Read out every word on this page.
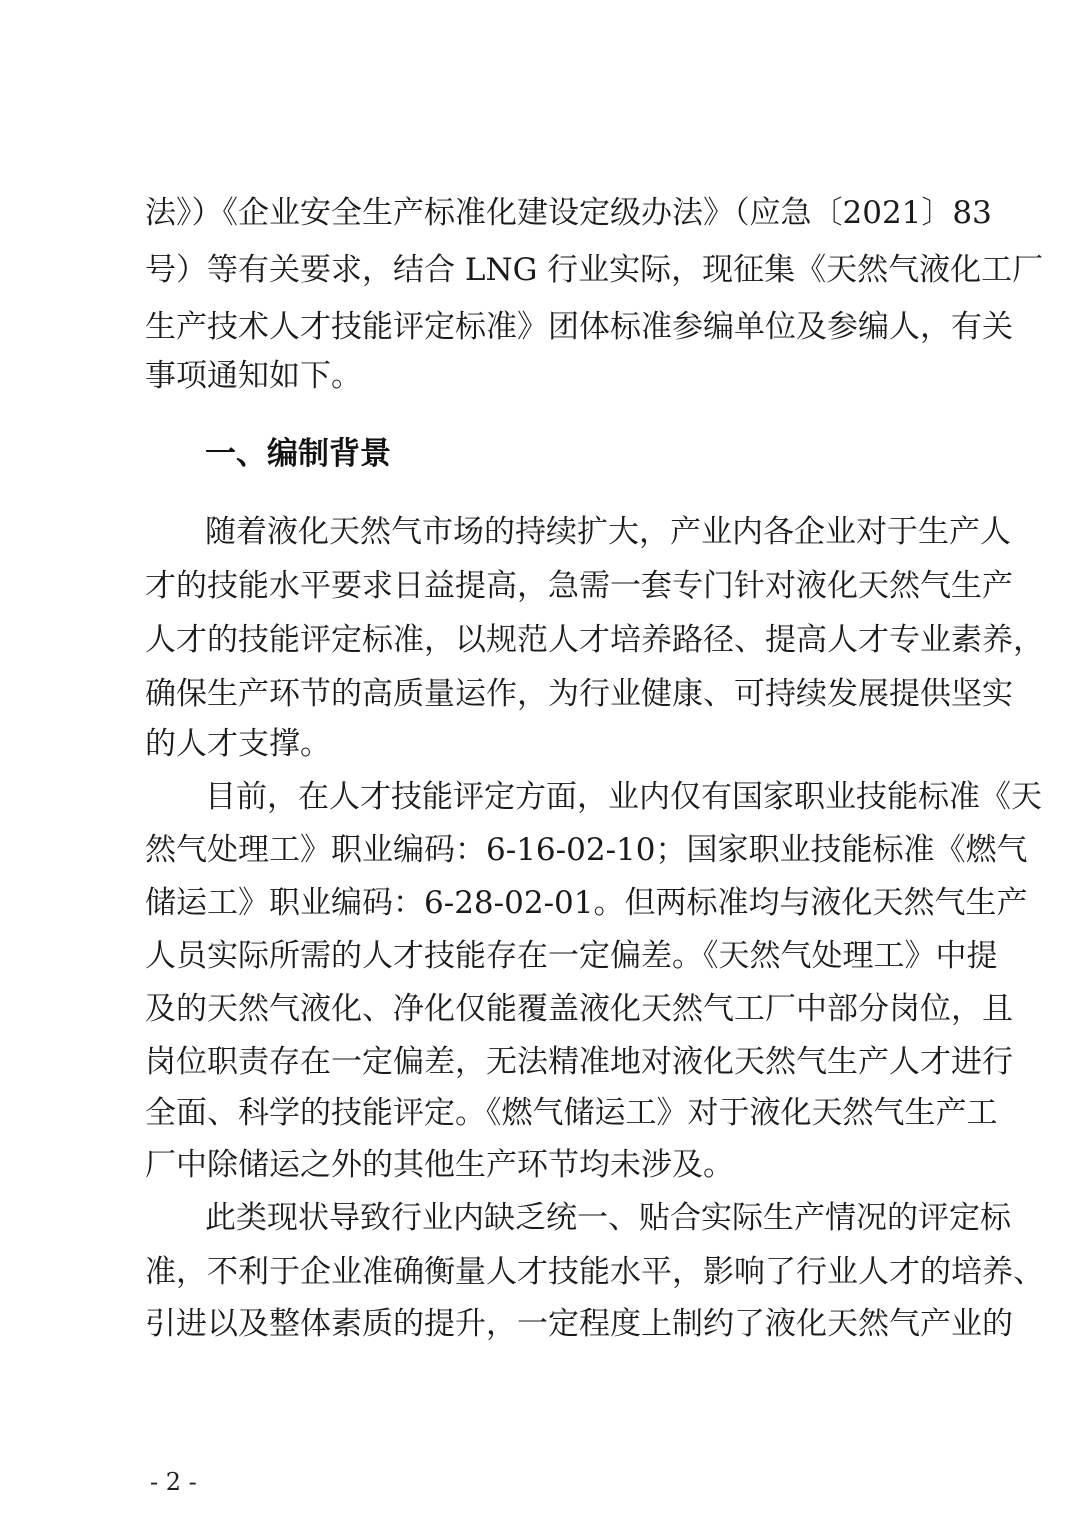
法》）《企业安全生产标准化建设定级办法》（应急〔2021〕83
号）等有关要求，结合 LNG 行业实际，现征集《天然气液化工厂
生产技术人才技能评定标准》团体标准参编单位及参编人，有关
事项通知如下。
一、编制背景
随着液化天然气市场的持续扩大，产业内各企业对于生产人
才的技能水平要求日益提高，急需一套专门针对液化天然气生产
人才的技能评定标准，以规范人才培养路径、提高人才专业素养，
确保生产环节的高质量运作，为行业健康、可持续发展提供坚实
的人才支撑。
目前，在人才技能评定方面，业内仅有国家职业技能标准《天
然气处理工》职业编码：6-16-02-10；国家职业技能标准《燃气
储运工》职业编码：6-28-02-01。但两标准均与液化天然气生产
人员实际所需的人才技能存在一定偏差。《天然气处理工》中提
及的天然气液化、净化仅能覆盖液化天然气工厂中部分岗位，且
岗位职责存在一定偏差，无法精准地对液化天然气生产人才进行
全面、科学的技能评定。《燃气储运工》对于液化天然气生产工
厂中除储运之外的其他生产环节均未涉及。
此类现状导致行业内缺乏统一、贴合实际生产情况的评定标
准，不利于企业准确衡量人才技能水平，影响了行业人才的培养、
引进以及整体素质的提升，一定程度上制约了液化天然气产业的
- 2 -
